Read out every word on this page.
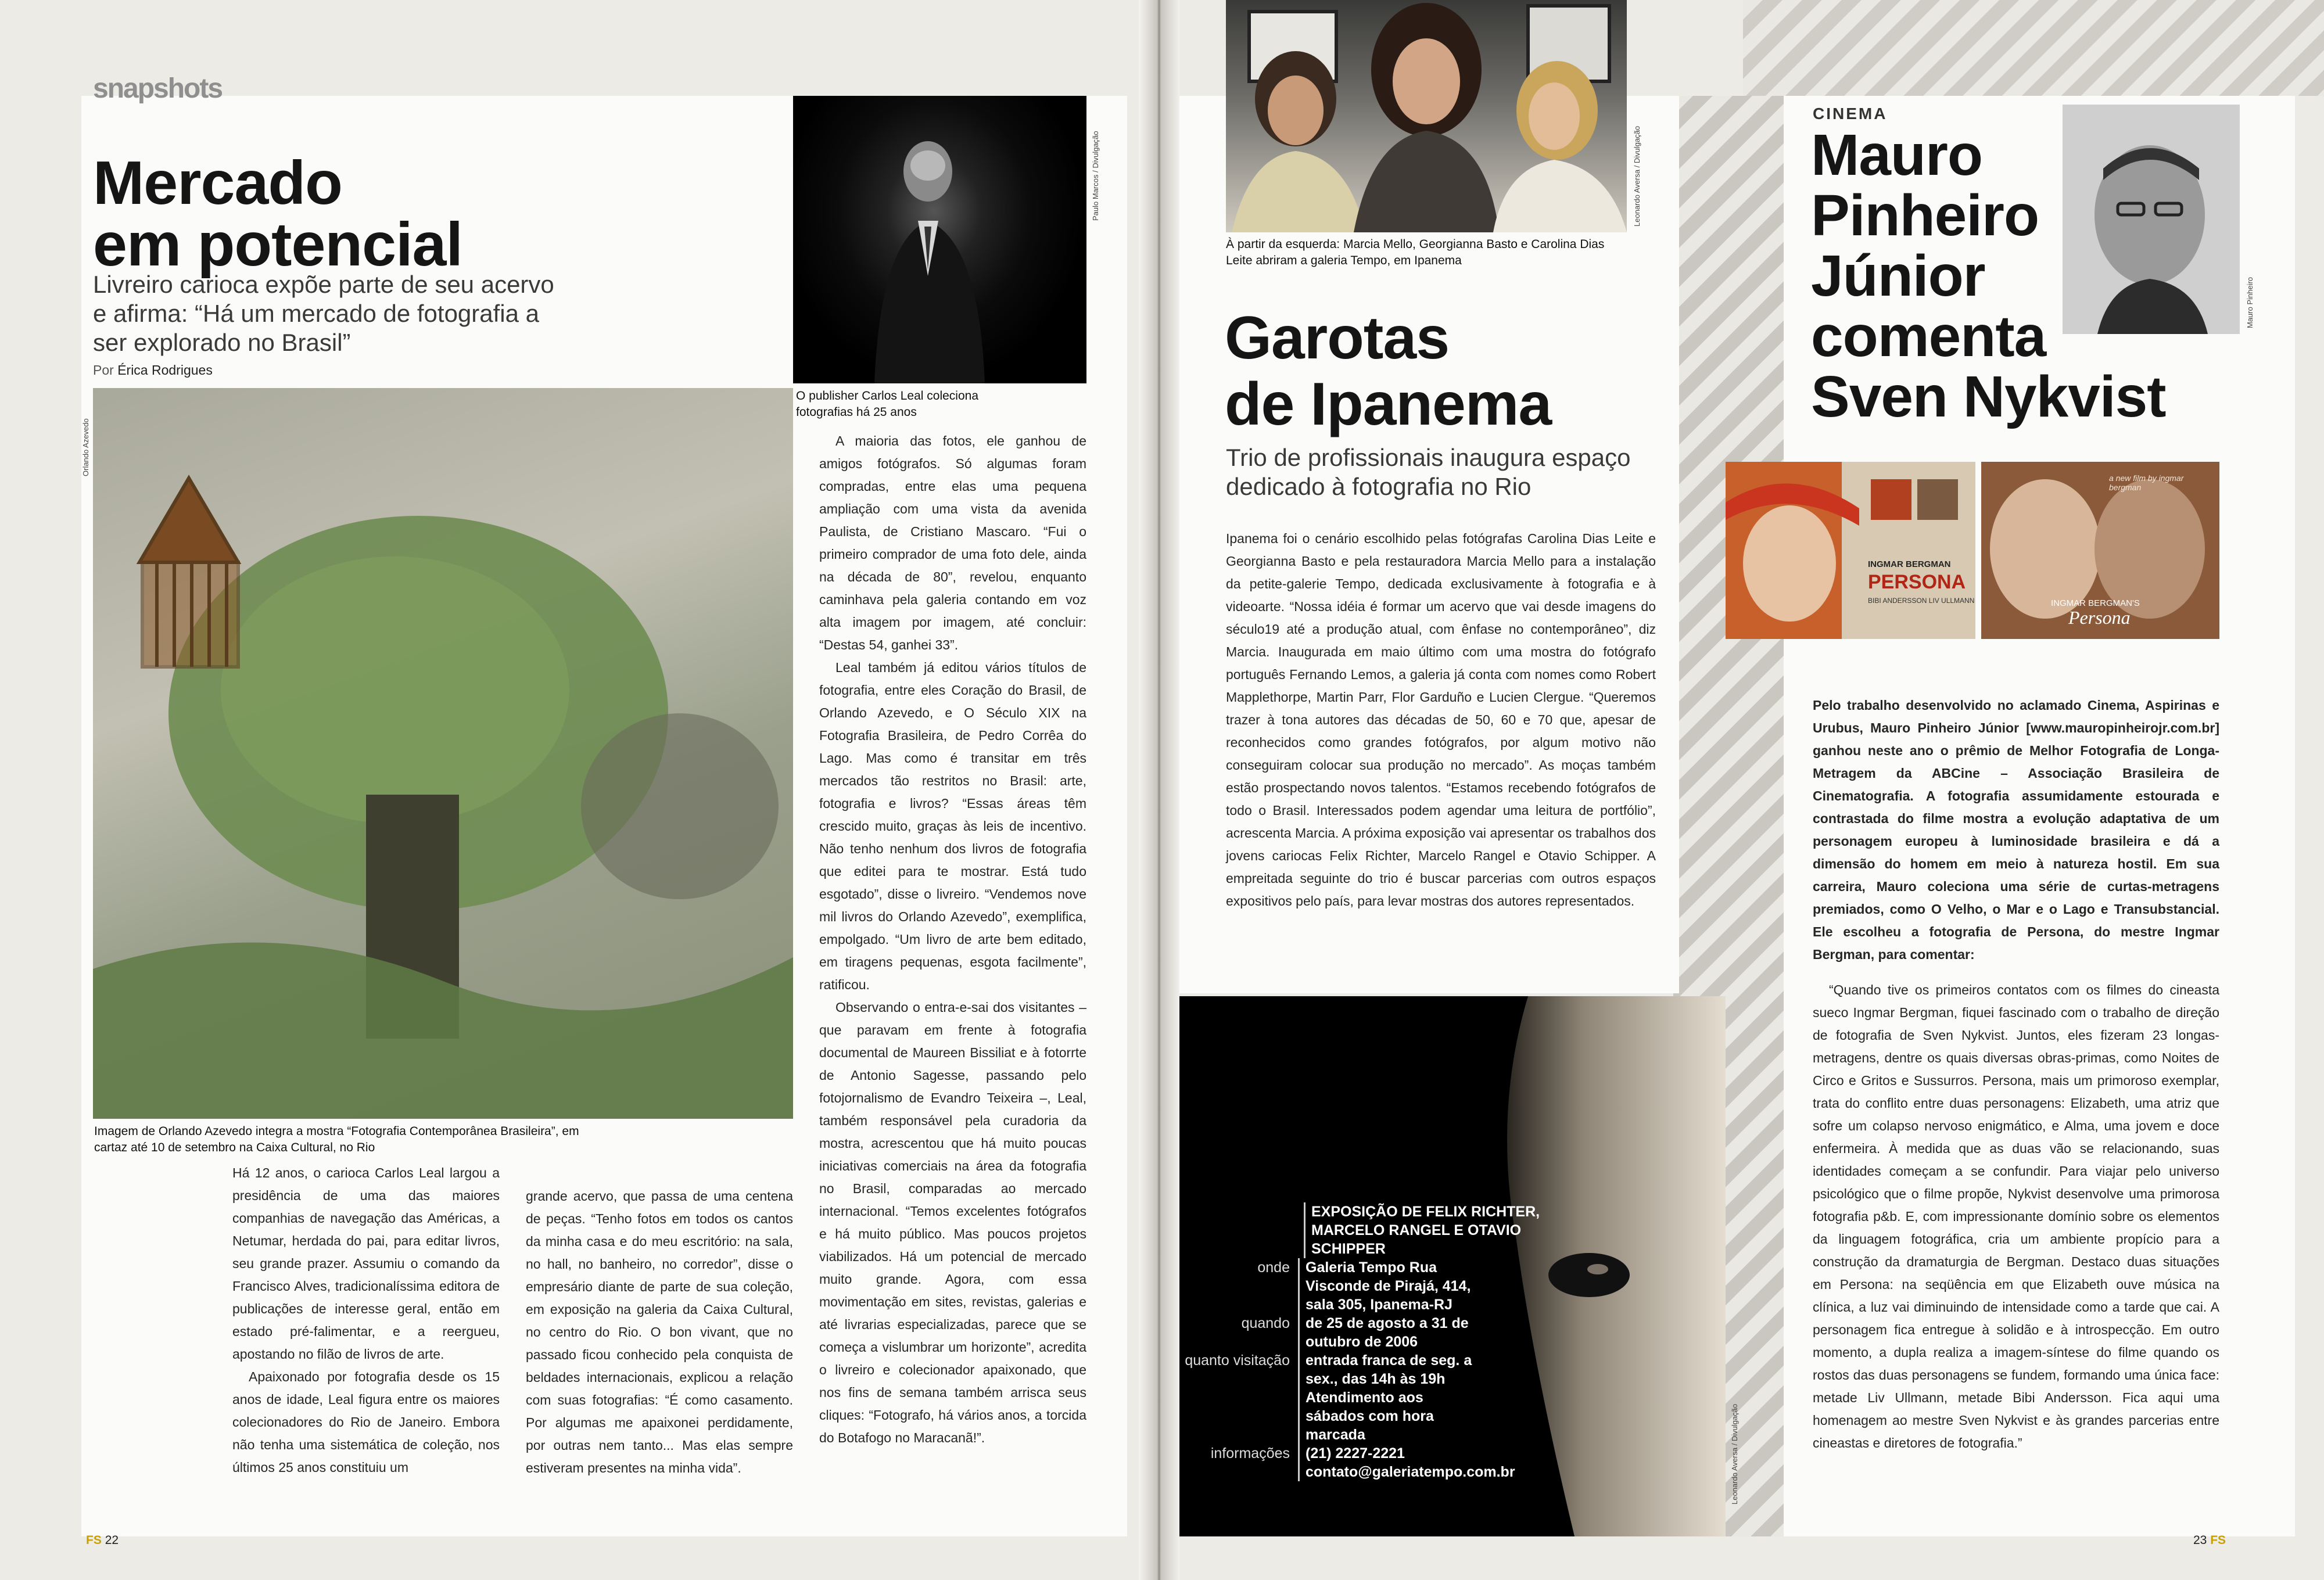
snapshots
Mercado
em potencial
Livreiro carioca expõe parte de seu acervo e afirma: “Há um mercado de fotografia a ser explorado no Brasil”
Por Érica Rodrigues
Paulo Marcos / Divulgação
O publisher Carlos Leal coleciona fotografias há 25 anos
Orlando Azevedo
Imagem de Orlando Azevedo integra a mostra “Fotografia Contemporânea Brasileira”, em cartaz até 10 de setembro na Caixa Cultural, no Rio

Há 12 anos, o carioca Carlos Leal largou a presidência de uma das maiores companhias de navegação das Américas, a Netumar, herdada do pai, para editar livros, seu grande prazer. Assumiu o comando da Francisco Alves, tradicionalíssima editora de publicações de interesse geral, então em estado pré-falimentar, e a reergueu, apostando no filão de livros de arte.

Apaixonado por fotografia desde os 15 anos de idade, Leal figura entre os maiores colecionadores do Rio de Janeiro. Embora não tenha uma sistemática de coleção, nos últimos 25 anos constituiu um

grande acervo, que passa de uma centena de peças. “Tenho fotos em todos os cantos da minha casa e do meu escritório: na sala, no hall, no banheiro, no corredor”, disse o empresário diante de parte de sua coleção, em exposição na galeria da Caixa Cultural, no centro do Rio. O bon vivant, que no passado ficou conhecido pela conquista de beldades internacionais, explicou a relação com suas fotografias: “É como casamento. Por algumas me apaixonei perdidamente, por outras nem tanto... Mas elas sempre estiveram presentes na minha vida”.

A maioria das fotos, ele ganhou de amigos fotógrafos. Só algumas foram compradas, entre elas uma pequena ampliação com uma vista da avenida Paulista, de Cristiano Mascaro. “Fui o primeiro comprador de uma foto dele, ainda na década de 80”, revelou, enquanto caminhava pela galeria contando em voz alta imagem por imagem, até concluir: “Destas 54, ganhei 33”.

Leal também já editou vários títulos de fotografia, entre eles Coração do Brasil, de Orlando Azevedo, e O Século XIX na Fotografia Brasileira, de Pedro Corrêa do Lago. Mas como é transitar em três mercados tão restritos no Brasil: arte, fotografia e livros? “Essas áreas têm crescido muito, graças às leis de incentivo. Não tenho nenhum dos livros de fotografia que editei para te mostrar. Está tudo esgotado”, disse o livreiro. “Vendemos nove mil livros do Orlando Azevedo”, exemplifica, empolgado. “Um livro de arte bem editado, em tiragens pequenas, esgota facilmente”, ratificou.

Observando o entra-e-sai dos visitantes – que paravam em frente à fotografia documental de Maureen Bissiliat e à fotorrte de Antonio Sagesse, passando pelo fotojornalismo de Evandro Teixeira –, Leal, também responsável pela curadoria da mostra, acrescentou que há muito poucas iniciativas comerciais na área da fotografia no Brasil, comparadas ao mercado internacional. “Temos excelentes fotógrafos e há muito público. Mas poucos projetos viabilizados. Há um potencial de mercado muito grande. Agora, com essa movimentação em sites, revistas, galerias e até livrarias especializadas, parece que se começa a vislumbrar um horizonte”, acredita o livreiro e colecionador apaixonado, que nos fins de semana também arrisca seus cliques: “Fotografo, há vários anos, a torcida do Botafogo no Maracanã!”.

FS 22
Leonardo Aversa / Divulgação
À partir da esquerda: Marcia Mello, Georgianna Basto e Carolina Dias Leite abriram a galeria Tempo, em Ipanema
Garotas
de Ipanema
Trio de profissionais inaugura espaço dedicado à fotografia no Rio

Ipanema foi o cenário escolhido pelas fotógrafas Carolina Dias Leite e Georgianna Basto e pela restauradora Marcia Mello para a instalação da petite-galerie Tempo, dedicada exclusivamente à fotografia e à videoarte. “Nossa idéia é formar um acervo que vai desde imagens do século19 até a produção atual, com ênfase no contemporâneo”, diz Marcia. Inaugurada em maio último com uma mostra do fotógrafo português Fernando Lemos, a galeria já conta com nomes como Robert Mapplethorpe, Martin Parr, Flor Garduño e Lucien Clergue. “Queremos trazer à tona autores das décadas de 50, 60 e 70 que, apesar de reconhecidos como grandes fotógrafos, por algum motivo não conseguiram colocar sua produção no mercado”. As moças também estão prospectando novos talentos. “Estamos recebendo fotógrafos de todo o Brasil. Interessados podem agendar uma leitura de portfólio”, acrescenta Marcia. A próxima exposição vai apresentar os trabalhos dos jovens cariocas Felix Richter, Marcelo Rangel e Otavio Schipper. A empreitada seguinte do trio é buscar parcerias com outros espaços expositivos pelo país, para levar mostras dos autores representados.

Leonardo Aversa / Divulgação
EXPOSIÇÃO DE FELIX RICHTER, MARCELO RANGEL E OTAVIO SCHIPPER
onde	Galeria Tempo Rua Visconde de Pirajá, 414, sala 305, Ipanema-RJ
quando	de 25 de agosto a 31 de outubro de 2006
quanto visitação	entrada franca de seg. a sex., das 14h às 19h Atendimento aos sábados com hora marcada
informações	(21) 2227-2221 contato@galeriatempo.com.br
CINEMA
Mauro
Pinheiro
Júnior
comenta
Sven Nykvist
Mauro Pinheiro
INGMAR BERGMAN
PERSONA
BIBI ANDERSSON LIV ULLMANN
a new film by ingmar bergman
INGMAR BERGMAN'S
Persona

Pelo trabalho desenvolvido no aclamado Cinema, Aspirinas e Urubus, Mauro Pinheiro Júnior [www.mauropinheirojr.com.br] ganhou neste ano o prêmio de Melhor Fotografia de Longa-Metragem da ABCine – Associação Brasileira de Cinematografia. A fotografia assumidamente estourada e contrastada do filme mostra a evolução adaptativa de um personagem europeu à luminosidade brasileira e dá a dimensão do homem em meio à natureza hostil. Em sua carreira, Mauro coleciona uma série de curtas-metragens premiados, como O Velho, o Mar e o Lago e Transubstancial. Ele escolheu a fotografia de Persona, do mestre Ingmar Bergman, para comentar:

“Quando tive os primeiros contatos com os filmes do cineasta sueco Ingmar Bergman, fiquei fascinado com o trabalho de direção de fotografia de Sven Nykvist. Juntos, eles fizeram 23 longas-metragens, dentre os quais diversas obras-primas, como Noites de Circo e Gritos e Sussurros. Persona, mais um primoroso exemplar, trata do conflito entre duas personagens: Elizabeth, uma atriz que sofre um colapso nervoso enigmático, e Alma, uma jovem e doce enfermeira. À medida que as duas vão se relacionando, suas identidades começam a se confundir. Para viajar pelo universo psicológico que o filme propõe, Nykvist desenvolve uma primorosa fotografia p&b. E, com impressionante domínio sobre os elementos da linguagem fotográfica, cria um ambiente propício para a construção da dramaturgia de Bergman. Destaco duas situações em Persona: na seqüência em que Elizabeth ouve música na clínica, a luz vai diminuindo de intensidade como a tarde que cai. A personagem fica entregue à solidão e à introspecção. Em outro momento, a dupla realiza a imagem-síntese do filme quando os rostos das duas personagens se fundem, formando uma única face: metade Liv Ullmann, metade Bibi Andersson. Fica aqui uma homenagem ao mestre Sven Nykvist e às grandes parcerias entre cineastas e diretores de fotografia.”

23 FS
